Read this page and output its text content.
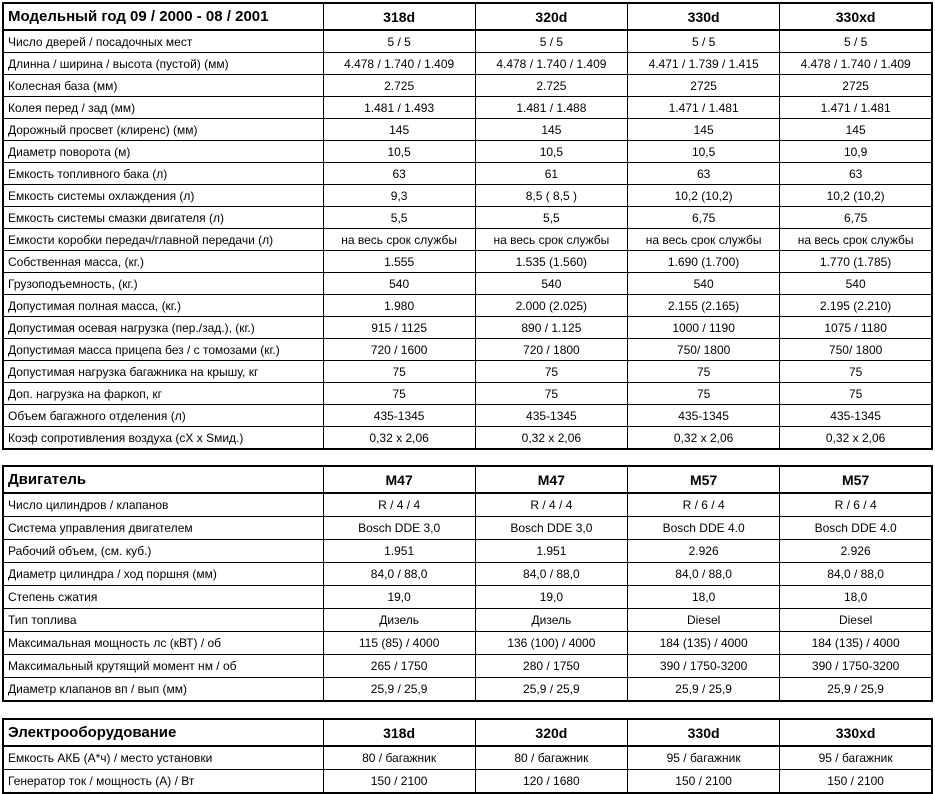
Модельный год 09 / 2000 - 08 / 2001	318d	320d	330d	330xd
Число дверей / посадочных мест	5 / 5	5 / 5	5 / 5	5 / 5
Длинна / ширина / высота (пустой) (мм)	4.478 / 1.740 / 1.409	4.478 / 1.740 / 1.409	4.471 / 1.739 / 1.415	4.478 / 1.740 / 1.409
Колесная база (мм)	2.725	2.725	2725	2725
Колея перед / зад (мм)	1.481 / 1.493	1.481 / 1.488	1.471 / 1.481	1.471 / 1.481
Дорожный просвет (клиренс) (мм)	145	145	145	145
Диаметр поворота (м)	10,5	10,5	10,5	10,9
Емкость топливного бака (л)	63	61	63	63
Емкость системы охлаждения (л)	9,3	8,5 ( 8,5 )	10,2 (10,2)	10,2 (10,2)
Емкость системы смазки двигателя (л)	5,5	5,5	6,75	6,75
Емкости коробки передач/главной передачи (л)	на весь срок службы	на весь срок службы	на весь срок службы	на весь срок службы
Собственная масса, (кг.)	1.555	1.535 (1.560)	1.690 (1.700)	1.770 (1.785)
Грузоподъемность, (кг.)	540	540	540	540
Допустимая полная масса, (кг.)	1.980	2.000 (2.025)	2.155 (2.165)	2.195 (2.210)
Допустимая осевая нагрузка (пер./зад.), (кг.)	915 / 1125	890 / 1.125	1000 / 1190	1075 / 1180
Допустимая масса прицепа без / с томозами (кг.)	720 / 1600	720 / 1800	750/ 1800	750/ 1800
Допустимая нагрузка багажника на крышу, кг	75	75	75	75
Доп. нагрузка на фаркоп, кг	75	75	75	75
Объем багажного отделения (л)	435-1345	435-1345	435-1345	435-1345
Коэф сопротивления воздуха (cX x Sмид.)	0,32 x 2,06	0,32 x 2,06	0,32 x 2,06	0,32 x 2,06
Двигатель	M47	M47	M57	M57
Число цилиндров / клапанов	R / 4 / 4	R / 4 / 4	R / 6 / 4	R / 6 / 4
Система управления двигателем	Bosch DDE 3,0	Bosch DDE 3,0	Bosch DDE 4.0	Bosch DDE 4.0
Рабочий объем, (см. куб.)	1.951	1.951	2.926	2.926
Диаметр цилиндра / ход поршня (мм)	84,0 / 88,0	84,0 / 88,0	84,0 / 88,0	84,0 / 88,0
Степень сжатия	19,0	19,0	18,0	18,0
Тип топлива	Дизель	Дизель	Diesel	Diesel
Максимальная мощность лс (кВТ) / об	115 (85) / 4000	136 (100) / 4000	184 (135) / 4000	184 (135) / 4000
Максимальный крутящий момент нм / об	265 / 1750	280 / 1750	390 / 1750-3200	390 / 1750-3200
Диаметр клапанов вп / вып (мм)	25,9 / 25,9	25,9 / 25,9	25,9 / 25,9	25,9 / 25,9
Электрооборудование	318d	320d	330d	330xd
Емкость АКБ (А*ч) / место установки	80 / багажник	80 / багажник	95 / багажник	95 / багажник
Генератор ток / мощность (А) / Вт	150 / 2100	120 / 1680	150 / 2100	150 / 2100
